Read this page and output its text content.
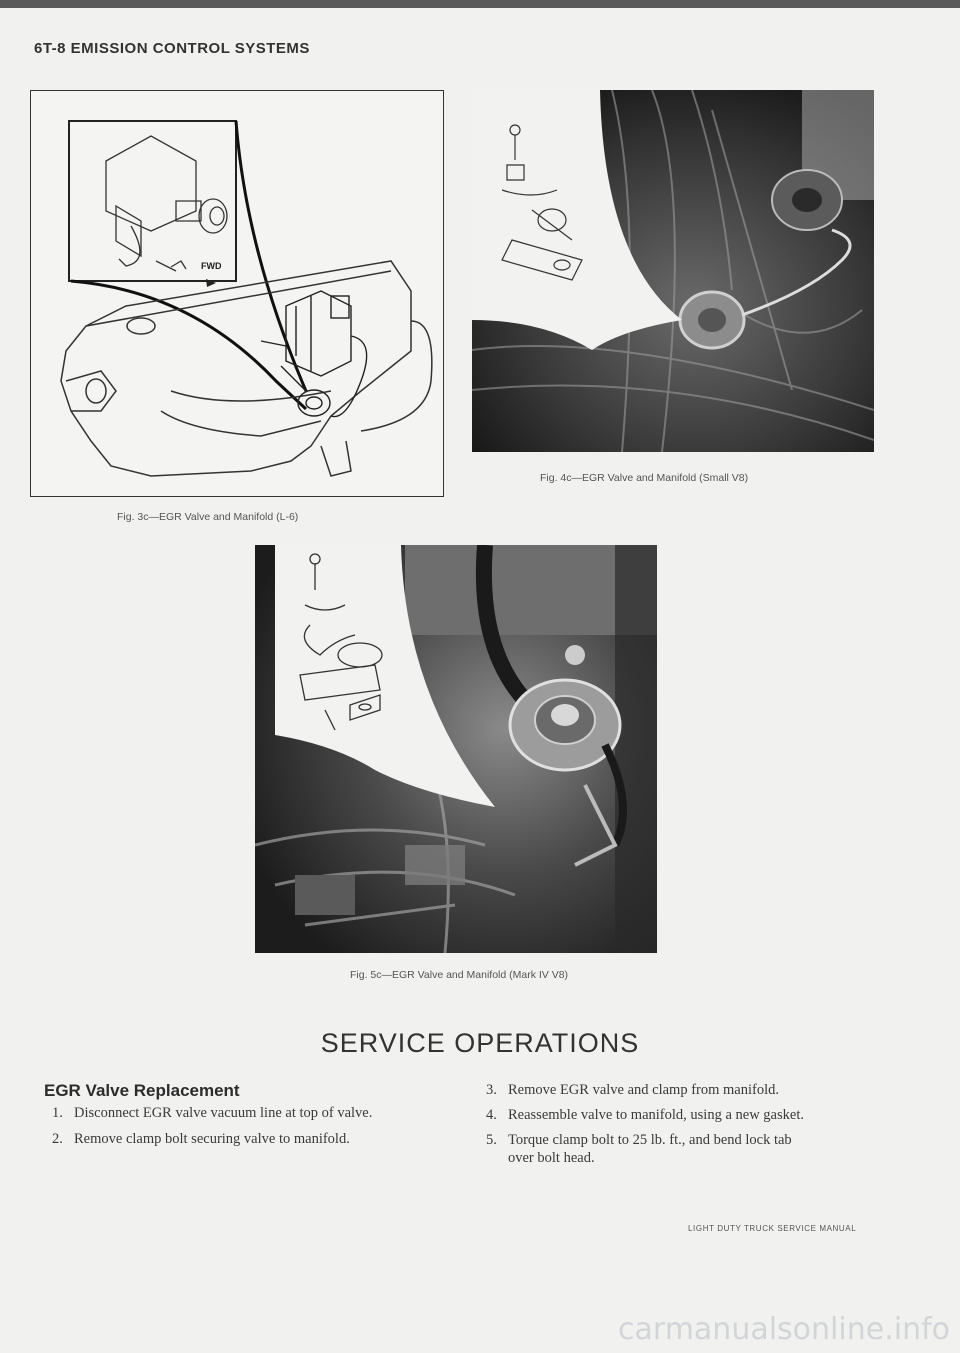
6T-8 EMISSION CONTROL SYSTEMS
FWD
Fig. 3c—EGR Valve and Manifold (L-6)
Fig. 4c—EGR Valve and Manifold (Small V8)
Fig. 5c—EGR Valve and Manifold (Mark IV V8)
SERVICE OPERATIONS
EGR Valve Replacement
1. Disconnect EGR valve vacuum line at top of valve.
2. Remove clamp bolt securing valve to manifold.
3. Remove EGR valve and clamp from manifold.
4. Reassemble valve to manifold, using a new gasket.
5. Torque clamp bolt to 25 lb. ft., and bend lock tab
over bolt head.
LIGHT DUTY TRUCK SERVICE MANUAL
carmanualsonline.info
